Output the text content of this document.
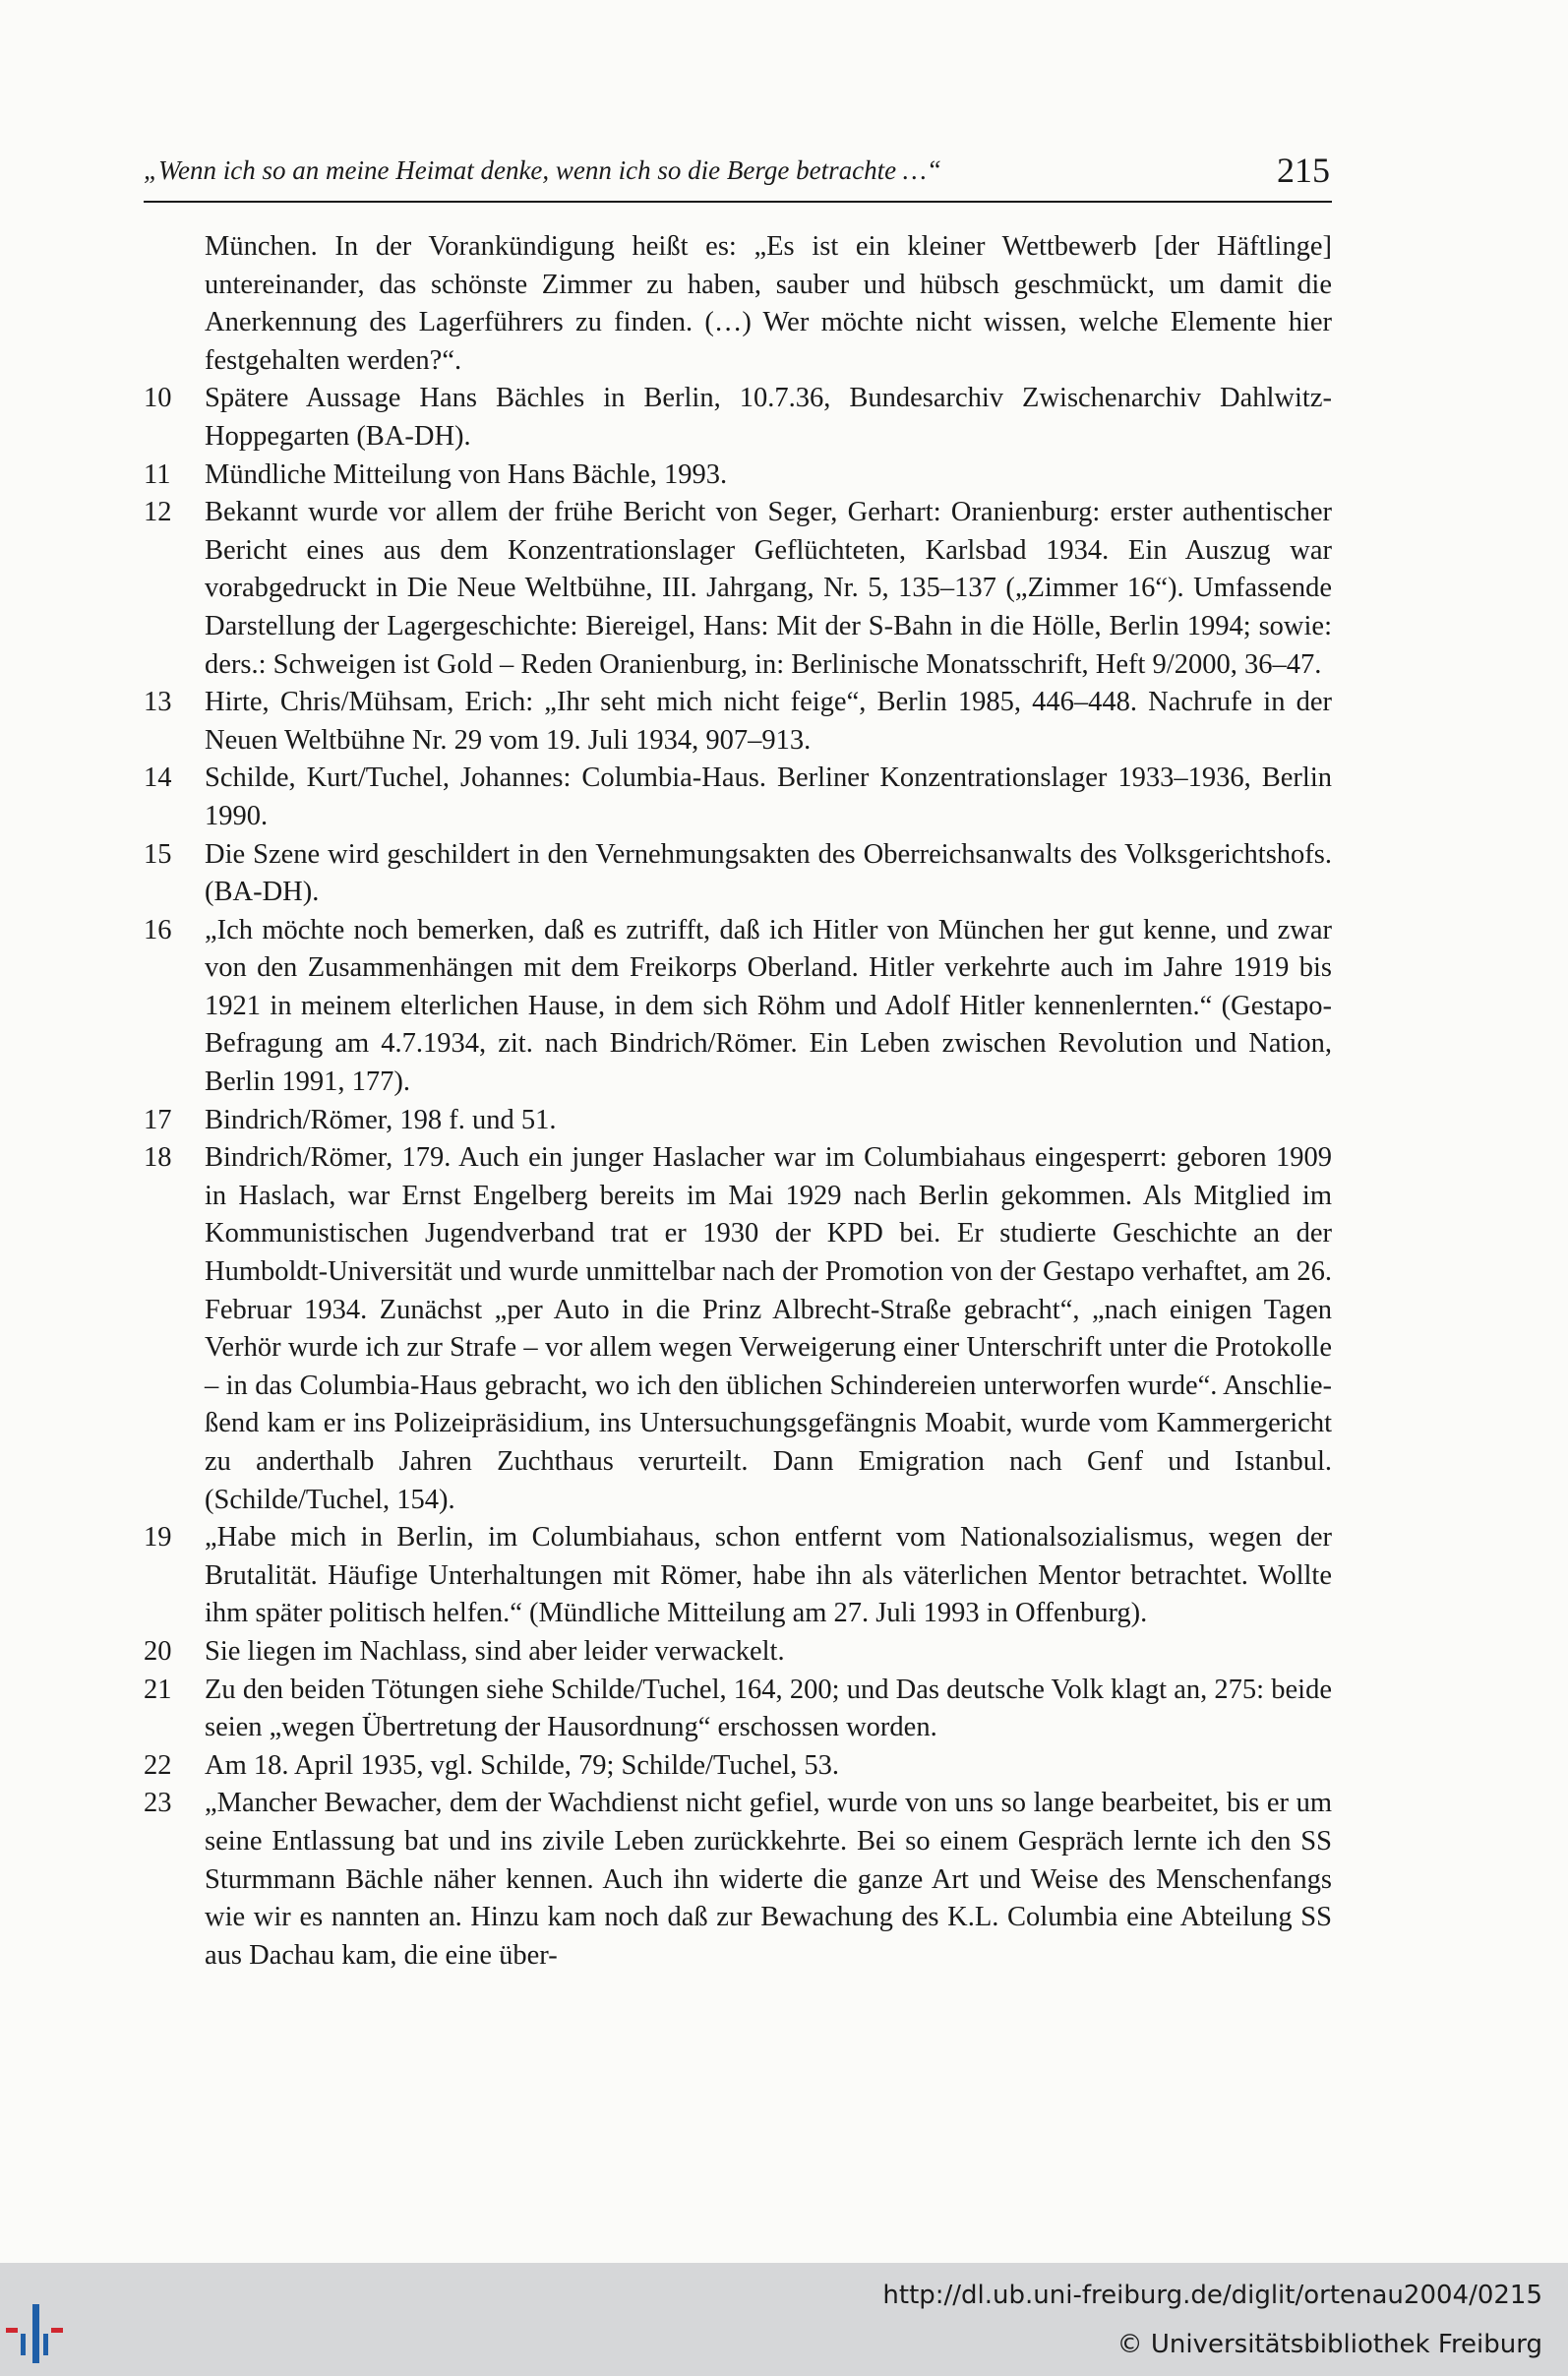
„Wenn ich so an meine Heimat denke, wenn ich so die Berge betrachte …“	215
München. In der Vorankündigung heißt es: „Es ist ein kleiner Wettbewerb [der Häftlinge] untereinander, das schönste Zimmer zu haben, sauber und hübsch geschmückt, um damit die Anerkennung des Lagerführers zu finden. (…) Wer möchte nicht wissen, welche Elemente hier festgehalten werden?“.
10	Spätere Aussage Hans Bächles in Berlin, 10.7.36, Bundesarchiv Zwischenarchiv Dahlwitz-Hoppegarten (BA-DH).
11	Mündliche Mitteilung von Hans Bächle, 1993.
12	Bekannt wurde vor allem der frühe Bericht von Seger, Gerhart: Oranienburg: erster authentischer Bericht eines aus dem Konzentrationslager Geflüchteten, Karlsbad 1934. Ein Auszug war vorabgedruckt in Die Neue Weltbühne, III. Jahrgang, Nr. 5, 135–137 („Zimmer 16“). Umfassende Darstellung der Lagergeschichte: Biereigel, Hans: Mit der S-Bahn in die Hölle, Berlin 1994; sowie: ders.: Schweigen ist Gold – Reden Oranienburg, in: Berlinische Monatsschrift, Heft 9/2000, 36–47.
13	Hirte, Chris/Mühsam, Erich: „Ihr seht mich nicht feige“, Berlin 1985, 446–448. Nachrufe in der Neuen Weltbühne Nr. 29 vom 19. Juli 1934, 907–913.
14	Schilde, Kurt/Tuchel, Johannes: Columbia-Haus. Berliner Konzentrationslager 1933–1936, Berlin 1990.
15	Die Szene wird geschildert in den Vernehmungsakten des Oberreichsanwalts des Volksgerichtshofs. (BA-DH).
16	„Ich möchte noch bemerken, daß es zutrifft, daß ich Hitler von München her gut kenne, und zwar von den Zusammenhängen mit dem Freikorps Oberland. Hitler verkehrte auch im Jahre 1919 bis 1921 in meinem elterlichen Hause, in dem sich Röhm und Adolf Hitler kennenlernten.“ (Gestapo-Befragung am 4.7.1934, zit. nach Bindrich/Römer. Ein Leben zwischen Revolution und Nation, Berlin 1991, 177).
17	Bindrich/Römer, 198 f. und 51.
18	Bindrich/Römer, 179. Auch ein junger Haslacher war im Columbiahaus eingesperrt: geboren 1909 in Haslach, war Ernst Engelberg bereits im Mai 1929 nach Berlin gekommen. Als Mitglied im Kommunistischen Jugendverband trat er 1930 der KPD bei. Er studierte Geschichte an der Humboldt-Universität und wurde unmittelbar nach der Promotion von der Gestapo verhaftet, am 26. Februar 1934. Zunächst „per Auto in die Prinz Albrecht-Straße gebracht“, „nach einigen Tagen Verhör wurde ich zur Strafe – vor allem wegen Verweigerung einer Unterschrift unter die Protokolle – in das Columbia-Haus gebracht, wo ich den üblichen Schindereien unterworfen wurde“. Anschließend kam er ins Polizeipräsidium, ins Untersuchungsgefängnis Moabit, wurde vom Kammergericht zu anderthalb Jahren Zuchthaus verurteilt. Dann Emigration nach Genf und Istanbul. (Schilde/Tuchel, 154).
19	„Habe mich in Berlin, im Columbiahaus, schon entfernt vom Nationalsozialismus, wegen der Brutalität. Häufige Unterhaltungen mit Römer, habe ihn als väterlichen Mentor betrachtet. Wollte ihm später politisch helfen.“ (Mündliche Mitteilung am 27. Juli 1993 in Offenburg).
20	Sie liegen im Nachlass, sind aber leider verwackelt.
21	Zu den beiden Tötungen siehe Schilde/Tuchel, 164, 200; und Das deutsche Volk klagt an, 275: beide seien „wegen Übertretung der Hausordnung“ erschossen worden.
22	Am 18. April 1935, vgl. Schilde, 79; Schilde/Tuchel, 53.
23	„Mancher Bewacher, dem der Wachdienst nicht gefiel, wurde von uns so lange bearbeitet, bis er um seine Entlassung bat und ins zivile Leben zurückkehrte. Bei so einem Gespräch lernte ich den SS Sturmmann Bächle näher kennen. Auch ihn widerte die ganze Art und Weise des Menschenfangs wie wir es nannten an. Hinzu kam noch daß zur Bewachung des K.L. Columbia eine Abteilung SS aus Dachau kam, die eine über-
http://dl.ub.uni-freiburg.de/diglit/ortenau2004/0215
© Universitätsbibliothek Freiburg
